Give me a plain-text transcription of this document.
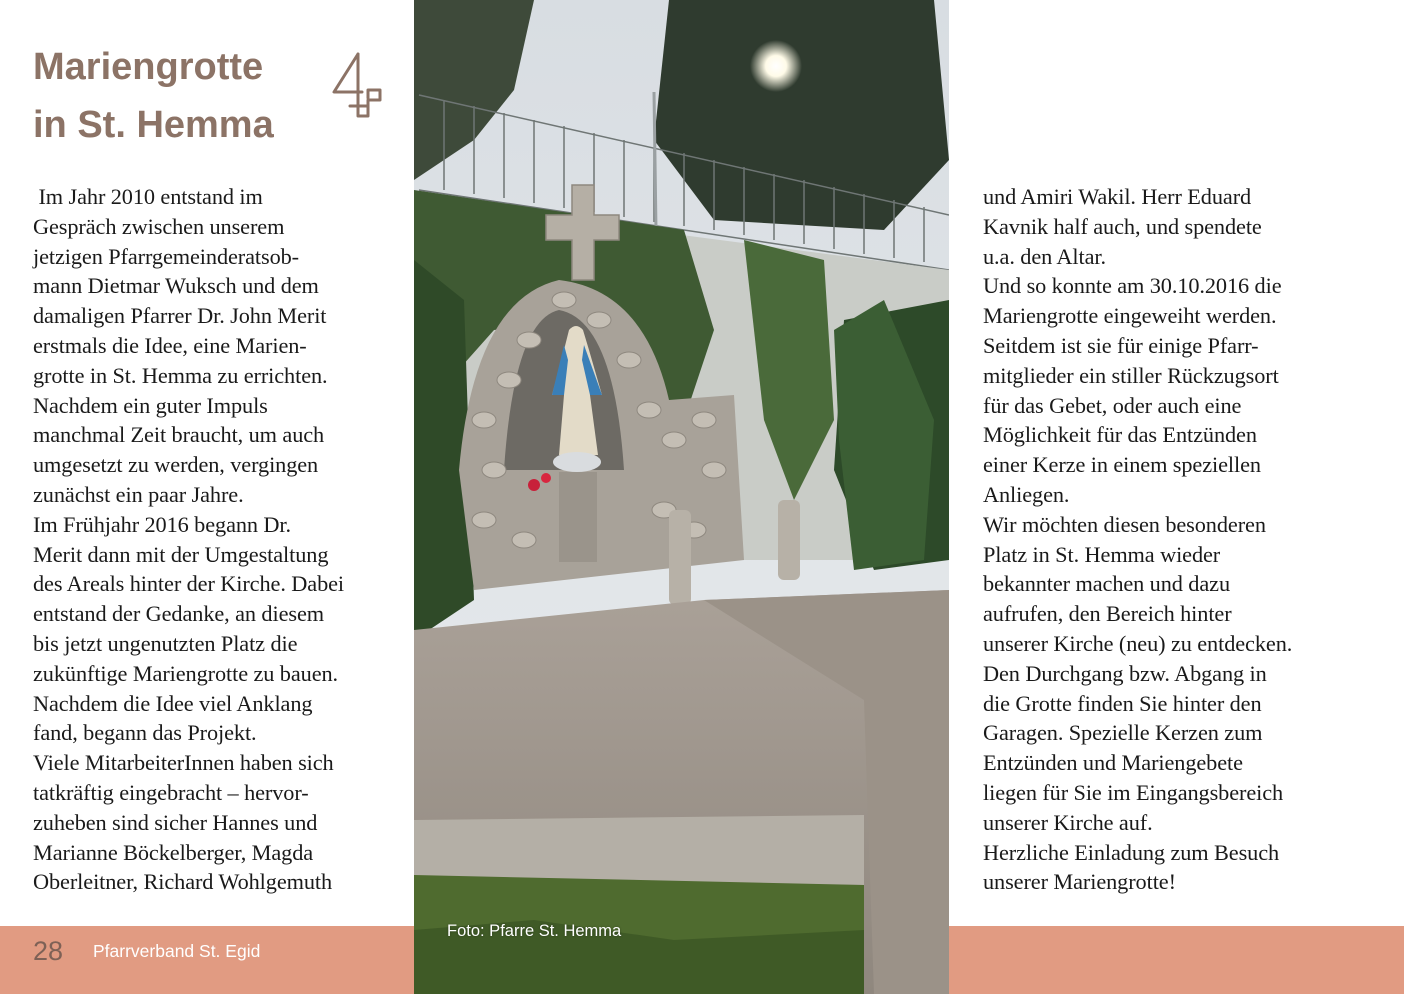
Mariengrotte
in St. Hemma

Im Jahr 2010 entstand im
Gespräch zwischen unserem
jetzigen Pfarrgemeinderatsob-
mann Dietmar Wuksch und dem
damaligen Pfarrer Dr. John Merit
erstmals die Idee, eine Marien-
grotte in St. Hemma zu errichten.
Nachdem ein guter Impuls
manchmal Zeit braucht, um auch
umgesetzt zu werden, vergingen
zunächst ein paar Jahre.
Im Frühjahr 2016 begann Dr.
Merit dann mit der Umgestaltung
des Areals hinter der Kirche. Dabei
entstand der Gedanke, an diesem
bis jetzt ungenutzten Platz die
zukünftige Mariengrotte zu bauen.
Nachdem die Idee viel Anklang
fand, begann das Projekt.
Viele MitarbeiterInnen haben sich
tatkräftig eingebracht – hervor-
zuheben sind sicher Hannes und
Marianne Böckelberger, Magda
Oberleitner, Richard Wohlgemuth

Foto: Pfarre St. Hemma

und Amiri Wakil. Herr Eduard
Kavnik half auch, und spendete
u.a. den Altar.
Und so konnte am 30.10.2016 die
Mariengrotte eingeweiht werden.
Seitdem ist sie für einige Pfarr-
mitglieder ein stiller Rückzugsort
für das Gebet, oder auch eine
Möglichkeit für das Entzünden
einer Kerze in einem speziellen
Anliegen.
Wir möchten diesen besonderen
Platz in St. Hemma wieder
bekannter machen und dazu
aufrufen, den Bereich hinter
unserer Kirche (neu) zu entdecken.
Den Durchgang bzw. Abgang in
die Grotte finden Sie hinter den
Garagen. Spezielle Kerzen zum
Entzünden und Mariengebete
liegen für Sie im Eingangsbereich
unserer Kirche auf.
Herzliche Einladung zum Besuch
unserer Mariengrotte!

28 Pfarrverband St. Egid
